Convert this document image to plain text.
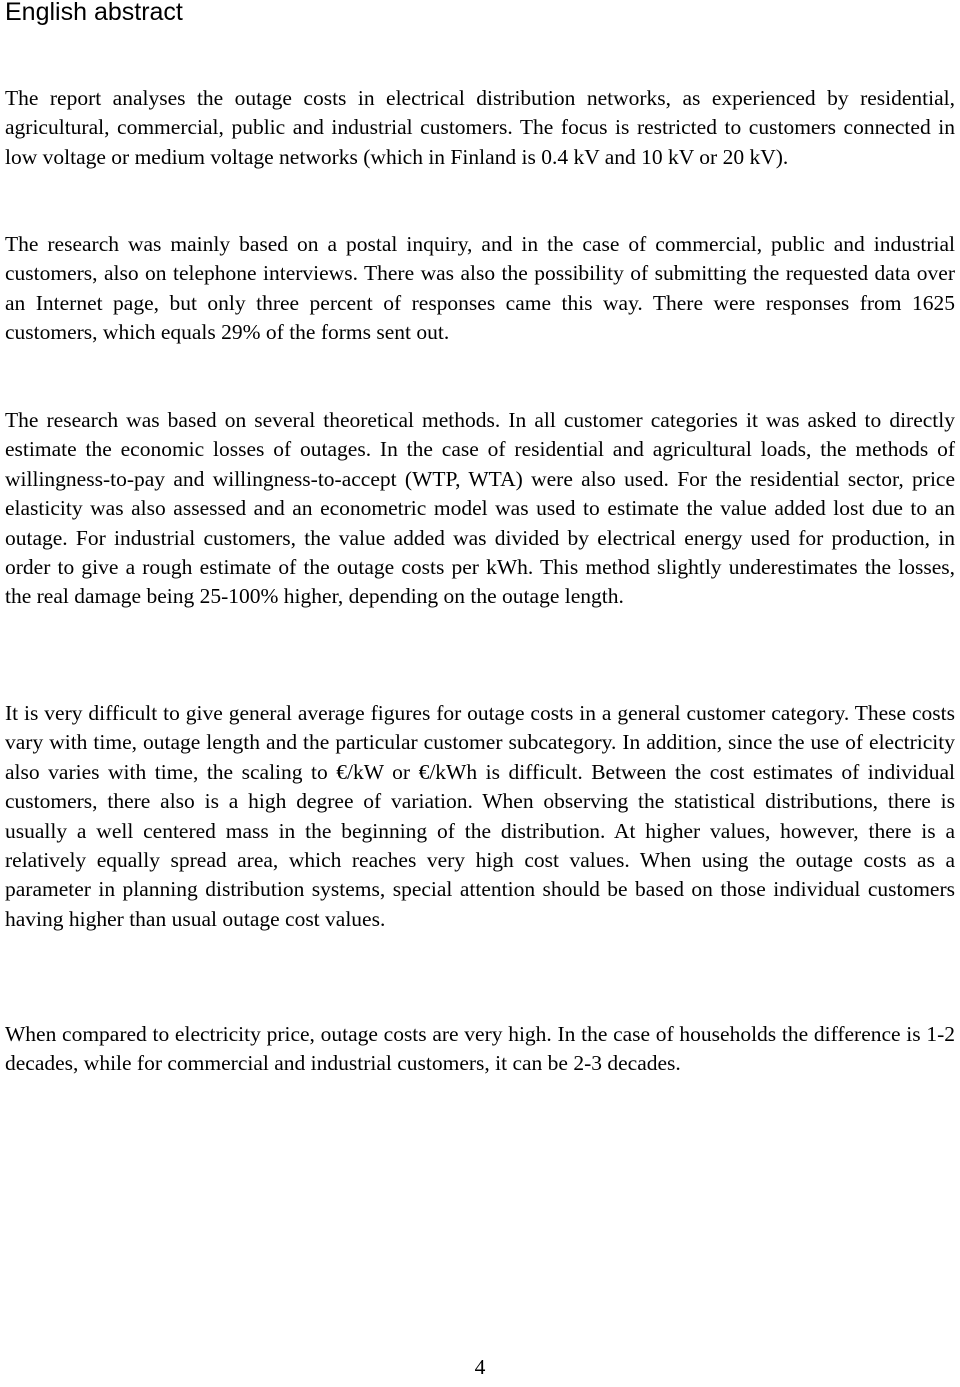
English abstract

The report analyses the outage costs in electrical distribution networks, as experienced by residential, agricultural, commercial, public and industrial customers. The focus is restricted to customers connected in low voltage or medium voltage networks (which in Finland is 0.4 kV and 10 kV or 20 kV).

The research was mainly based on a postal inquiry, and in the case of commercial, public and industrial customers, also on telephone interviews. There was also the possibility of submitting the requested data over an Internet page, but only three percent of responses came this way. There were responses from 1625 customers, which equals 29% of the forms sent out.

The research was based on several theoretical methods. In all customer categories it was asked to directly estimate the economic losses of outages. In the case of residential and agricultural loads, the methods of willingness-to-pay and willingness-to-accept (WTP, WTA) were also used. For the residential sector, price elasticity was also assessed and an econometric model was used to estimate the value added lost due to an outage. For industrial customers, the value added was divided by electrical energy used for production, in order to give a rough estimate of the outage costs per kWh. This method slightly underestimates the losses, the real damage being 25-100% higher, depending on the outage length.

It is very difficult to give general average figures for outage costs in a general customer category. These costs vary with time, outage length and the particular customer subcategory. In addition, since the use of electricity also varies with time, the scaling to €/kW or €/kWh is difficult. Between the cost estimates of individual customers, there also is a high degree of variation. When observing the statistical distributions, there is usually a well centered mass in the beginning of the distribution. At higher values, however, there is a relatively equally spread area, which reaches very high cost values. When using the outage costs as a parameter in planning distribution systems, special attention should be based on those individual customers having higher than usual outage cost values.

When compared to electricity price, outage costs are very high. In the case of households the difference is 1-2 decades, while for commercial and industrial customers, it can be 2-3 decades.

4
